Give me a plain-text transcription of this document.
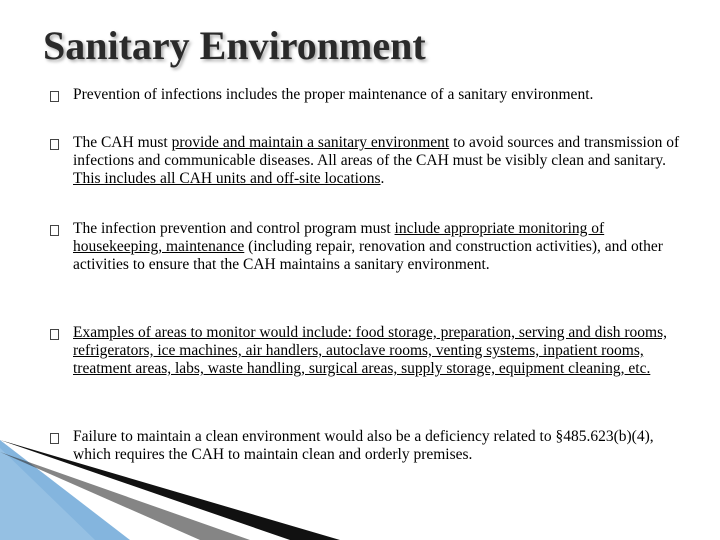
Sanitary Environment

Prevention of infections includes the proper maintenance of a sanitary environment.

The CAH must provide and maintain a sanitary environment to avoid sources and transmission of infections and communicable diseases. All areas of the CAH must be visibly clean and sanitary. This includes all CAH units and off-site locations.

The infection prevention and control program must include appropriate monitoring of housekeeping, maintenance (including repair, renovation and construction activities), and other activities to ensure that the CAH maintains a sanitary environment.

Examples of areas to monitor would include: food storage, preparation, serving and dish rooms, refrigerators, ice machines, air handlers, autoclave rooms, venting systems, inpatient rooms, treatment areas, labs, waste handling, surgical areas, supply storage, equipment cleaning, etc.

Failure to maintain a clean environment would also be a deficiency related to §485.623(b)(4), which requires the CAH to maintain clean and orderly premises.
